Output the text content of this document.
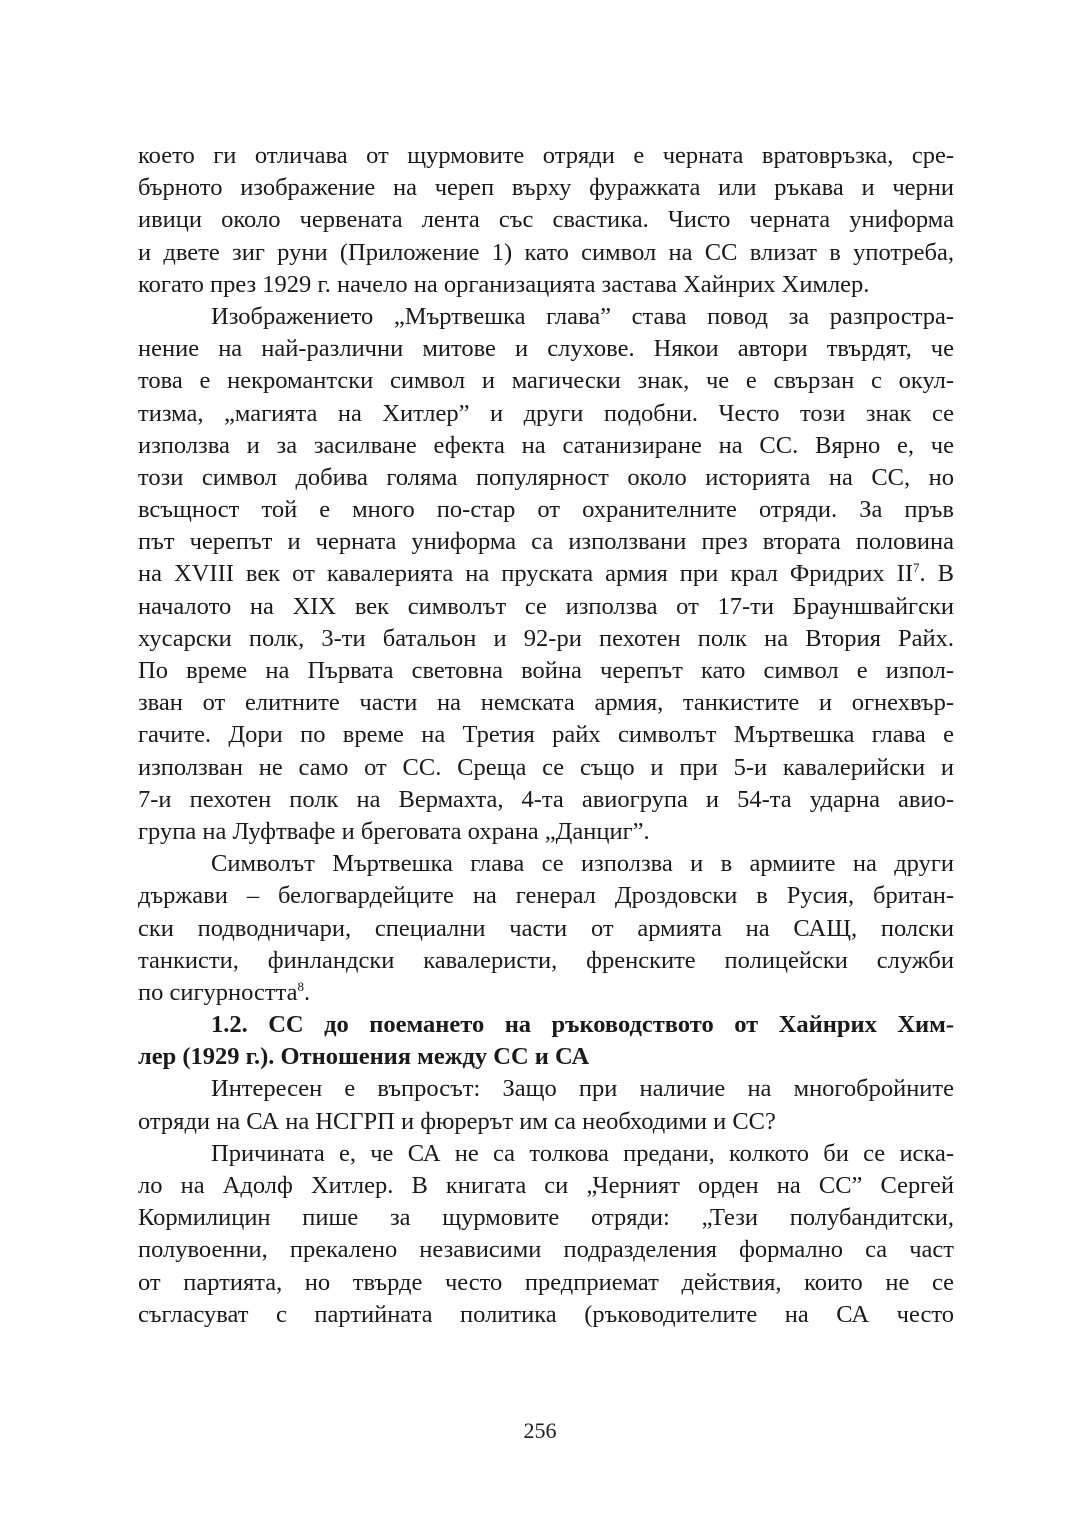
което ги отличава от щурмовите отряди е черната вратовръзка, сре-
бърното изображение на череп върху фуражката или ръкава и черни
ивици около червената лента със свастика. Чисто черната униформа
и двете зиг руни (Приложение 1) като символ на СС влизат в употреба,
когато през 1929 г. начело на организацията застава Хайнрих Химлер.
Изображението „Мъртвешка глава” става повод за разпростра-
нение на най-различни митове и слухове. Някои автори твърдят, че
това е некромантски символ и магически знак, че е свързан с окул-
тизма, „магията на Хитлер” и други подобни. Често този знак се
използва и за засилване ефекта на сатанизиране на СС. Вярно е, че
този символ добива голяма популярност около историята на СС, но
всъщност той е много по-стар от охранителните отряди. За пръв
път черепът и черната униформа са използвани през втората половина
на XVIII век от кавалерията на пруската армия при крал Фридрих $II^7$. В
началото на XIX век символът се използва от 17-ти Брауншвайгски
хусарски полк, 3-ти батальон и 92-ри пехотен полк на Втория Райх.
По време на Първата световна война черепът като символ е изпол-
зван от елитните части на немската армия, танкистите и огнехвър-
гачите. Дори по време на Третия райх символът Мъртвешка глава е
използван не само от СС. Среща се също и при 5-и кавалерийски и
7-и пехотен полк на Вермахта, 4-та авиогрупа и 54-та ударна авио-
група на Луфтвафе и бреговата охрана „Данциг”.
Символът Мъртвешка глава се използва и в армиите на други
държави – белогвардейците на генерал Дроздовски в Русия, британ-
ски подводничари, специални части от армията на САЩ, полски
танкисти, финландски кавалеристи, френските полицейски служби
по сигурността$^8$.
1.2. СС до поемането на ръководството от Хайнрих Хим-
лер (1929 г.). Отношения между СС и СА
Интересен е въпросът: Защо при наличие на многобройните
отряди на СА на НСГРП и фюрерът им са необходими и СС?
Причината е, че СА не са толкова предани, колкото би се иска-
ло на Адолф Хитлер. В книгата си „Черният орден на СС” Сергей
Кормилицин пише за щурмовите отряди: „Тези полубандитски,
полувоенни, прекалено независими подразделения формално са част
от партията, но твърде често предприемат действия, които не се
съгласуват с партийната политика (ръководителите на СА често
256
